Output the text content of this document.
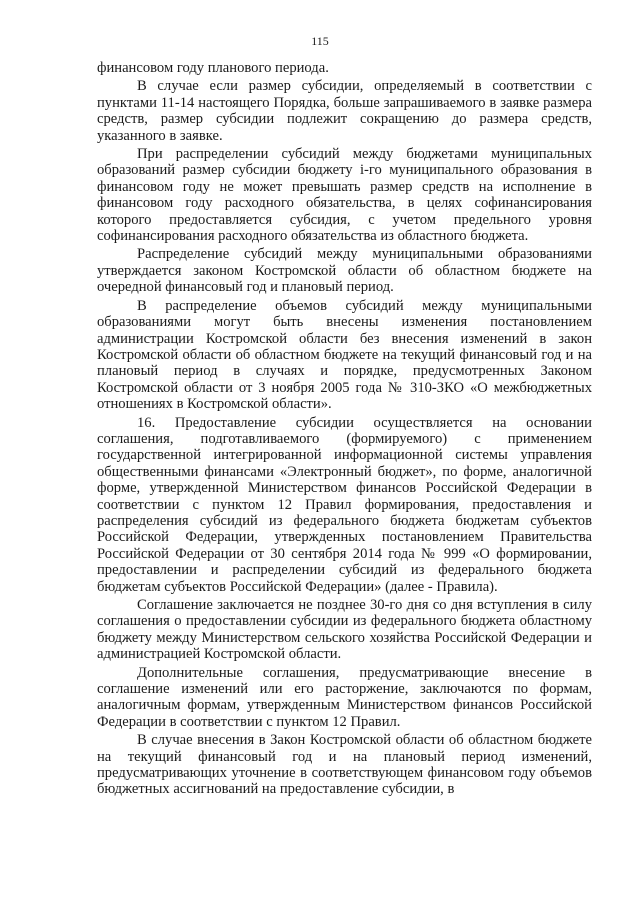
115

финансовом году планового периода.

В случае если размер субсидии, определяемый в соответствии с пунктами 11-14 настоящего Порядка, больше запрашиваемого в заявке размера средств, размер субсидии подлежит сокращению до размера средств, указанного в заявке.

При распределении субсидий между бюджетами муниципальных образований размер субсидии бюджету i-го муниципального образования в финансовом году не может превышать размер средств на исполнение в финансовом году расходного обязательства, в целях софинансирования которого предоставляется субсидия, с учетом предельного уровня софинансирования расходного обязательства из областного бюджета.

Распределение субсидий между муниципальными образованиями утверждается законом Костромской области об областном бюджете на очередной финансовый год и плановый период.

В распределение объемов субсидий между муниципальными образованиями могут быть внесены изменения постановлением администрации Костромской области без внесения изменений в закон Костромской области об областном бюджете на текущий финансовый год и на плановый период в случаях и порядке, предусмотренных Законом Костромской области от 3 ноября 2005 года № 310-ЗКО «О межбюджетных отношениях в Костромской области».

16. Предоставление субсидии осуществляется на основании соглашения, подготавливаемого (формируемого) с применением государственной интегрированной информационной системы управления общественными финансами «Электронный бюджет», по форме, аналогичной форме, утвержденной Министерством финансов Российской Федерации в соответствии с пунктом 12 Правил формирования, предоставления и распределения субсидий из федерального бюджета бюджетам субъектов Российской Федерации, утвержденных постановлением Правительства Российской Федерации от 30 сентября 2014 года № 999 «О формировании, предоставлении и распределении субсидий из федерального бюджета бюджетам субъектов Российской Федерации» (далее - Правила).

Соглашение заключается не позднее 30-го дня со дня вступления в силу соглашения о предоставлении субсидии из федерального бюджета областному бюджету между Министерством сельского хозяйства Российской Федерации и администрацией Костромской области.

Дополнительные соглашения, предусматривающие внесение в соглашение изменений или его расторжение, заключаются по формам, аналогичным формам, утвержденным Министерством финансов Российской Федерации в соответствии с пунктом 12 Правил.

В случае внесения в Закон Костромской области об областном бюджете на текущий финансовый год и на плановый период изменений, предусматривающих уточнение в соответствующем финансовом году объемов бюджетных ассигнований на предоставление субсидии, в
